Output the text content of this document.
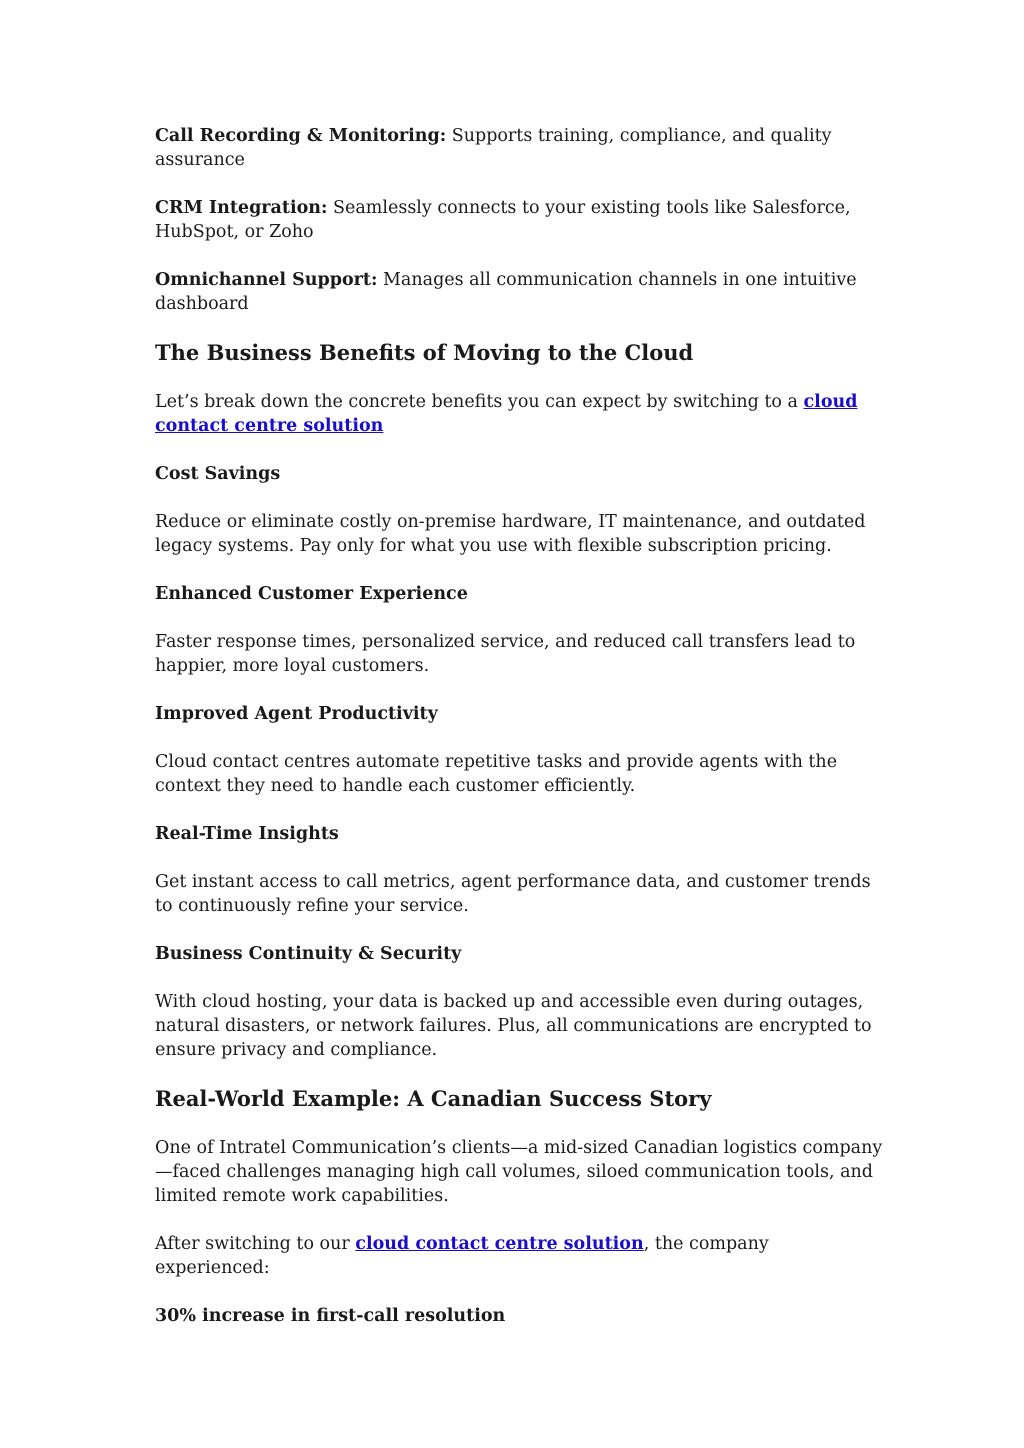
Call Recording & Monitoring: Supports training, compliance, and quality assurance

CRM Integration: Seamlessly connects to your existing tools like Salesforce, HubSpot, or Zoho

Omnichannel Support: Manages all communication channels in one intuitive dashboard

The Business Benefits of Moving to the Cloud

Let’s break down the concrete benefits you can expect by switching to a cloud contact centre solution

Cost Savings

Reduce or eliminate costly on-premise hardware, IT maintenance, and outdated legacy systems. Pay only for what you use with flexible subscription pricing.

Enhanced Customer Experience

Faster response times, personalized service, and reduced call transfers lead to happier, more loyal customers.

Improved Agent Productivity

Cloud contact centres automate repetitive tasks and provide agents with the context they need to handle each customer efficiently.

Real-Time Insights

Get instant access to call metrics, agent performance data, and customer trends to continuously refine your service.

Business Continuity & Security

With cloud hosting, your data is backed up and accessible even during outages, natural disasters, or network failures. Plus, all communications are encrypted to ensure privacy and compliance.

Real-World Example: A Canadian Success Story

One of Intratel Communication’s clients—a mid-sized Canadian logistics company—faced challenges managing high call volumes, siloed communication tools, and limited remote work capabilities.

After switching to our cloud contact centre solution, the company experienced:

30% increase in first-call resolution
